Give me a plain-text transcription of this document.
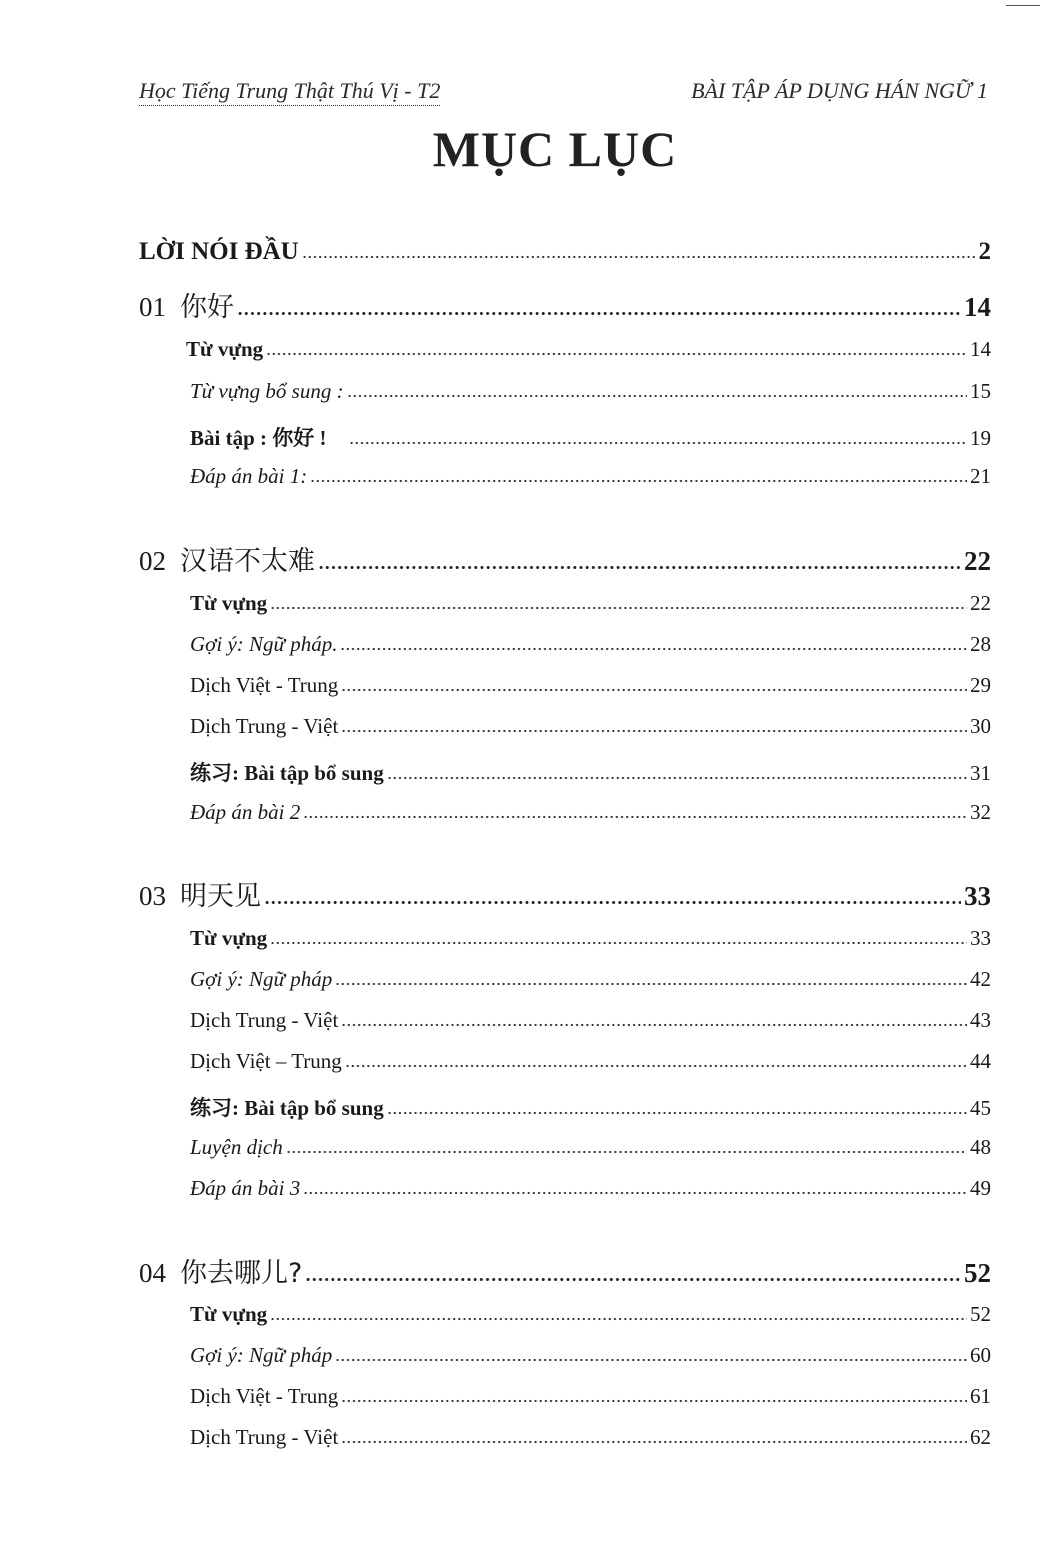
Học Tiếng Trung Thật Thú Vị - T2	BÀI TẬP ÁP DỤNG HÁN NGỮ 1
MỤC LỤC
LỜI NÓI ĐẦU	2
01 你好	14
Từ vựng	14
Từ vựng bổ sung :	15
Bài tập : 你好 !	19
Đáp án bài 1:	21
02 汉语不太难	22
Từ vựng	22
Gợi ý: Ngữ pháp.	28
Dịch Việt - Trung	29
Dịch Trung - Việt	30
练习: Bài tập bổ sung	31
Đáp án bài 2	32
03 明天见	33
Từ vựng	33
Gợi ý: Ngữ pháp	42
Dịch Trung - Việt	43
Dịch Việt – Trung	44
练习: Bài tập bổ sung	45
Luyện dịch	48
Đáp án bài 3	49
04 你去哪儿?	52
Từ vựng	52
Gợi ý: Ngữ pháp	60
Dịch Việt - Trung	61
Dịch Trung - Việt	62
